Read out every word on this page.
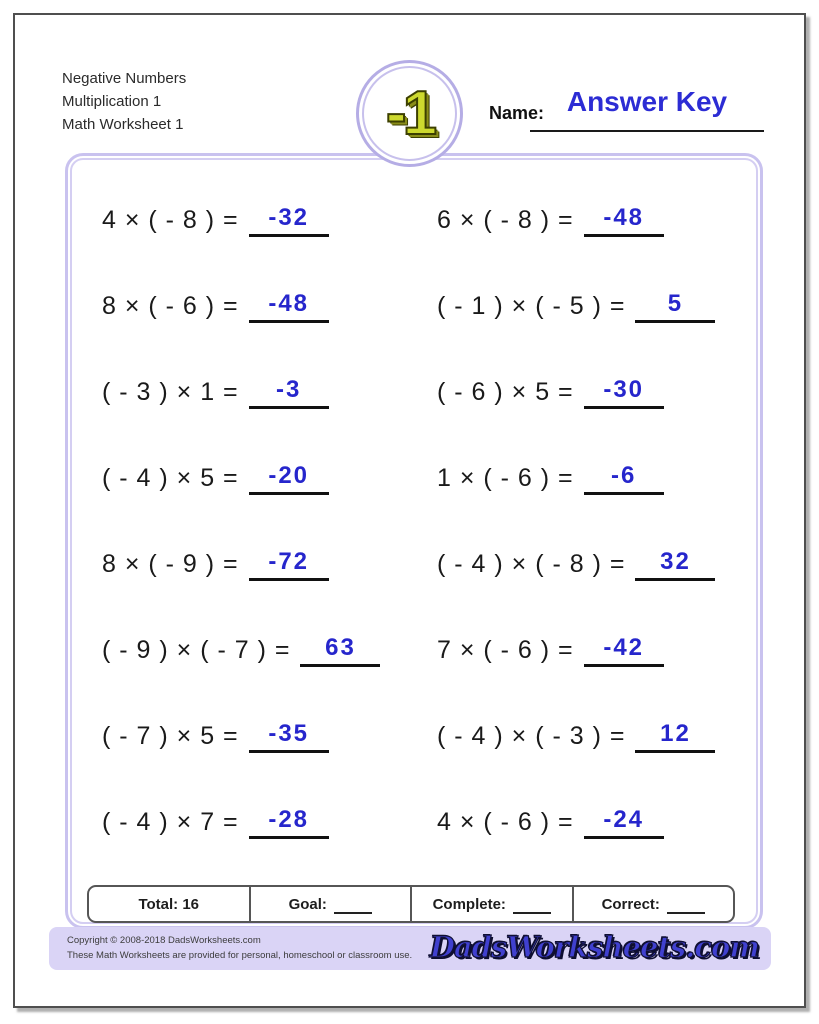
Negative Numbers
Multiplication 1
Math Worksheet 1	-1	Name: Answer Key
4 × ( - 8 ) =	-32	6 × ( - 8 ) =	-48
8 × ( - 6 ) =	-48	( - 1 ) × ( - 5 ) =	5
( - 3 ) × 1 =	-3	( - 6 ) × 5 =	-30
( - 4 ) × 5 =	-20	1 × ( - 6 ) =	-6
8 × ( - 9 ) =	-72	( - 4 ) × ( - 8 ) =	32
( - 9 ) × ( - 7 ) =	63	7 × ( - 6 ) =	-42
( - 7 ) × 5 =	-35	( - 4 ) × ( - 3 ) =	12
( - 4 ) × 7 =	-28	4 × ( - 6 ) =	-24
Total: 16	Goal:	Complete:	Correct:
Copyright © 2008-2018 DadsWorksheets.com
These Math Worksheets are provided for personal, homeschool or classroom use. DadsWorksheets.com
